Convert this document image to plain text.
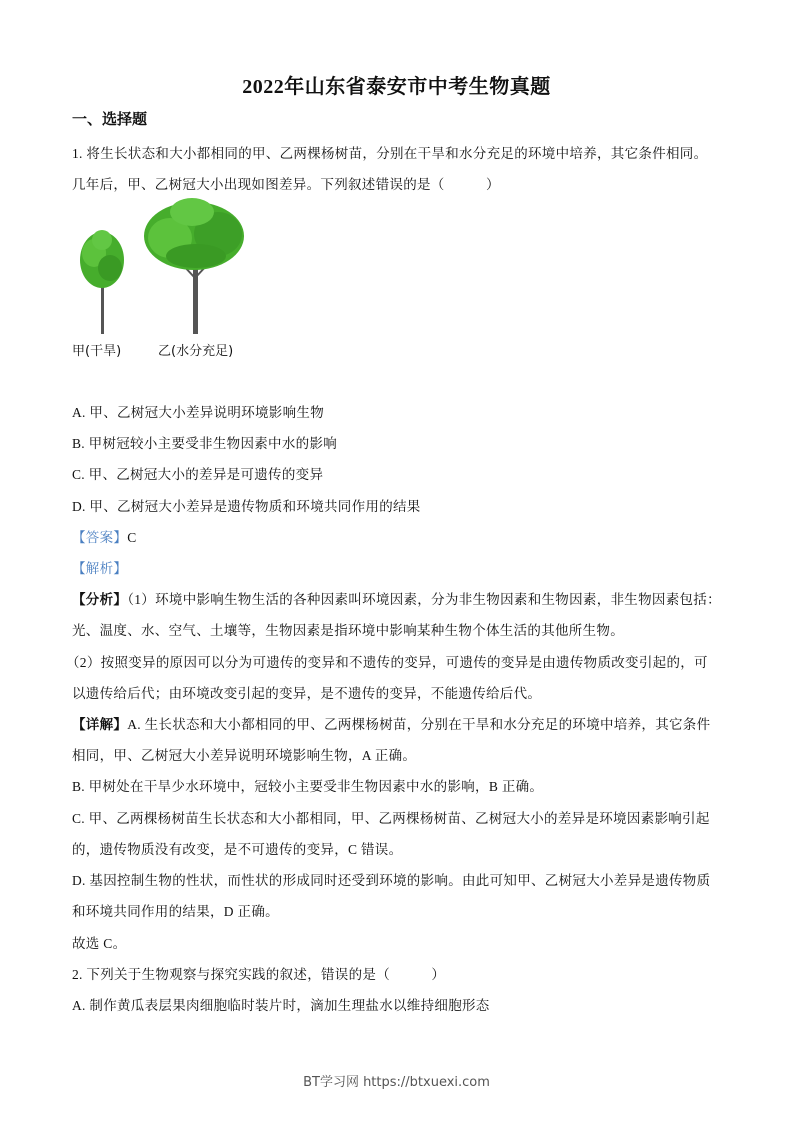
2022年山东省泰安市中考生物真题
一、选择题
1. 将生长状态和大小都相同的甲、乙两棵杨树苗，分别在干旱和水分充足的环境中培养，其它条件相同。
几年后，甲、乙树冠大小出现如图差异。下列叙述错误的是（　　　）
甲(干旱)	乙(水分充足)
A. 甲、乙树冠大小差异说明环境影响生物
B. 甲树冠较小主要受非生物因素中水的影响
C. 甲、乙树冠大小的差异是可遗传的变异
D. 甲、乙树冠大小差异是遗传物质和环境共同作用的结果
【答案】C
【解析】
【分析】（1）环境中影响生物生活的各种因素叫环境因素，分为非生物因素和生物因素，非生物因素包括：
光、温度、水、空气、土壤等，生物因素是指环境中影响某种生物个体生活的其他所生物。
（2）按照变异的原因可以分为可遗传的变异和不遗传的变异，可遗传的变异是由遗传物质改变引起的，可
以遗传给后代；由环境改变引起的变异，是不遗传的变异，不能遗传给后代。
【详解】A. 生长状态和大小都相同的甲、乙两棵杨树苗，分别在干旱和水分充足的环境中培养，其它条件
相同，甲、乙树冠大小差异说明环境影响生物，A 正确。
B. 甲树处在干旱少水环境中，冠较小主要受非生物因素中水的影响，B 正确。
C. 甲、乙两棵杨树苗生长状态和大小都相同，甲、乙两棵杨树苗、乙树冠大小的差异是环境因素影响引起
的，遗传物质没有改变，是不可遗传的变异，C 错误。
D. 基因控制生物的性状，而性状的形成同时还受到环境的影响。由此可知甲、乙树冠大小差异是遗传物质
和环境共同作用的结果，D 正确。
故选 C。
2. 下列关于生物观察与探究实践的叙述，错误的是（　　　）
A. 制作黄瓜表层果肉细胞临时装片时，滴加生理盐水以维持细胞形态
BT学习网 https://btxuexi.com
